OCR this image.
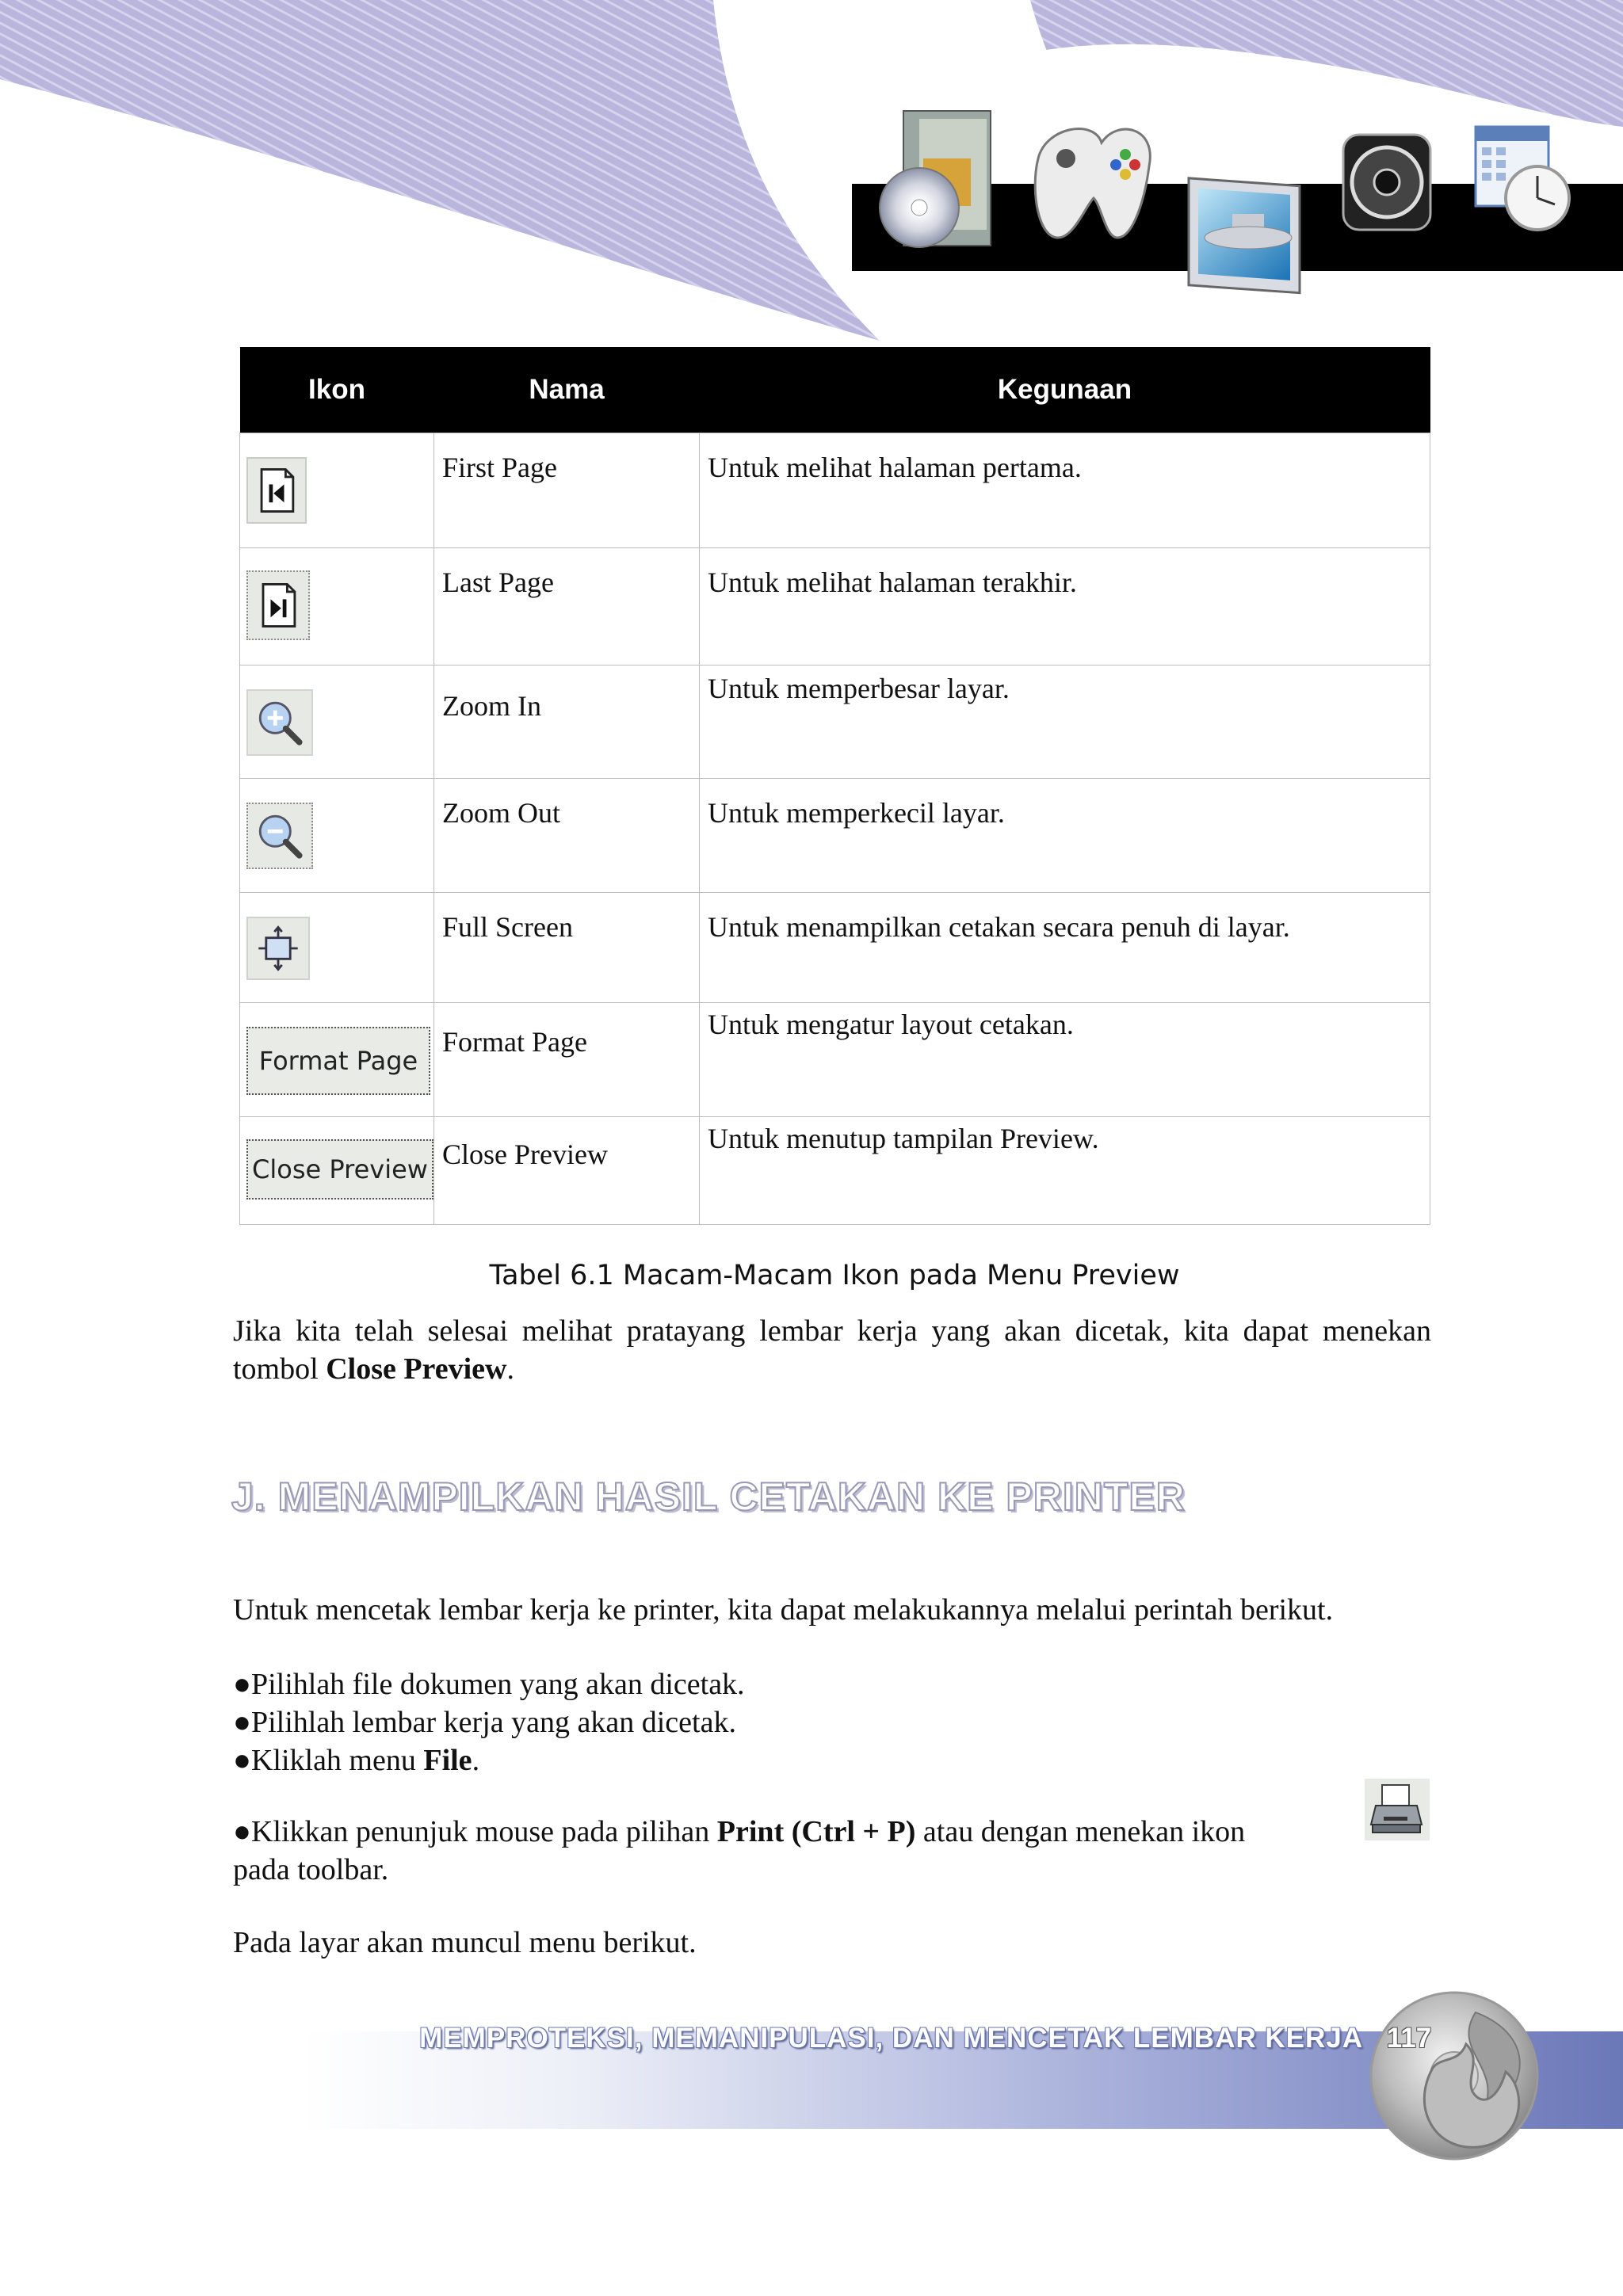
Ikon	Nama	Kegunaan

	First Page	Untuk melihat halaman pertama.

	Last Page	Untuk melihat halaman terakhir.

	Zoom In	Untuk memperbesar layar.

	Zoom Out	Untuk memperkecil layar.

	Full Screen	Untuk menampilkan cetakan secara penuh di layar.

Format Page	Format Page	Untuk mengatur layout cetakan.

Close Preview	Close Preview	Untuk menutup tampilan Preview.
Tabel 6.1 Macam-Macam Ikon pada Menu Preview
Jika kita telah selesai melihat pratayang lembar kerja yang akan dicetak, kita dapat menekan tombol Close Preview.
J. MENAMPILKAN HASIL CETAKAN KE PRINTER
Untuk mencetak lembar kerja ke printer, kita dapat melakukannya melalui perintah berikut.
●Pilihlah file dokumen yang akan dicetak.
●Pilihlah lembar kerja yang akan dicetak.
●Kliklah menu File.
●Klikkan penunjuk mouse pada pilihan Print (Ctrl + P) atau dengan menekan ikon
pada toolbar.
Pada layar akan muncul menu berikut.
MEMPROTEKSI, MEMANIPULASI, DAN MENCETAK LEMBAR KERJA 117
